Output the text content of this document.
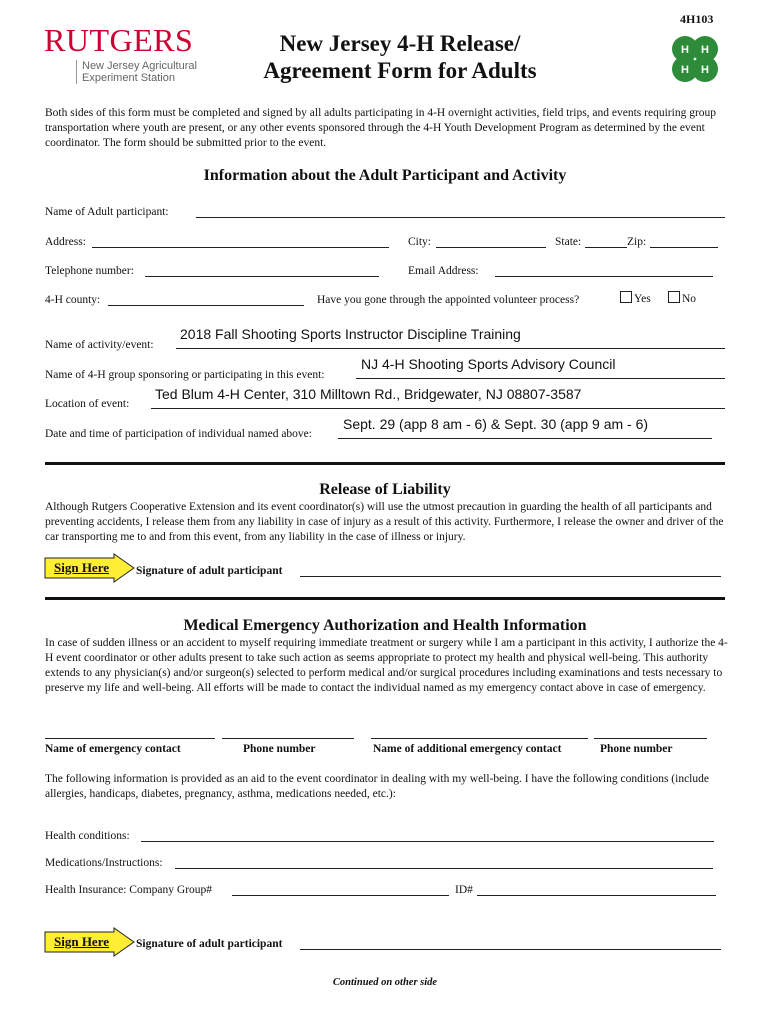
RUTGERS
New Jersey Agricultural
Experiment Station
New Jersey 4-H Release/
Agreement Form for Adults
4H103
H H
H H
Both sides of this form must be completed and signed by all adults participating in 4-H overnight activities, field trips, and events requiring group transportation where youth are present, or any other events sponsored through the 4-H Youth Development Program as determined by the event coordinator. The form should be submitted prior to the event.
Information about the Adult Participant and Activity
Name of Adult participant:
Address:	City:	State:	Zip:
Telephone number:	Email Address:
4-H county:	Have you gone through the appointed volunteer process?	Yes	No
Name of activity/event:
2018 Fall Shooting Sports Instructor Discipline Training
Name of 4-H group sponsoring or participating in this event:
NJ 4-H Shooting Sports Advisory Council
Location of event:
Ted Blum 4-H Center, 310 Milltown Rd., Bridgewater, NJ 08807-3587
Date and time of participation of individual named above:
Sept. 29 (app 8 am - 6) & Sept. 30 (app 9 am - 6)
Release of Liability
Although Rutgers Cooperative Extension and its event coordinator(s) will use the utmost precaution in guarding the health of all participants and preventing accidents, I release them from any liability in case of injury as a result of this activity. Furthermore, I release the owner and driver of the car transporting me to and from this event, from any liability in the case of illness or injury.
Sign Here Signature of adult participant
Medical Emergency Authorization and Health Information
In case of sudden illness or an accident to myself requiring immediate treatment or surgery while I am a participant in this activity, I authorize the 4-H event coordinator or other adults present to take such action as seems appropriate to protect my health and physical well-being. This authority extends to any physician(s) and/or surgeon(s) selected to perform medical and/or surgical procedures including examinations and tests necessary to preserve my life and well-being. All efforts will be made to contact the individual named as my emergency contact above in case of emergency.
Name of emergency contact	Phone number	Name of additional emergency contact	Phone number
The following information is provided as an aid to the event coordinator in dealing with my well-being. I have the following conditions (include allergies, handicaps, diabetes, pregnancy, asthma, medications needed, etc.):
Health conditions:
Medications/Instructions:
Health Insurance: Company Group#	ID#
Sign Here Signature of adult participant
Continued on other side
